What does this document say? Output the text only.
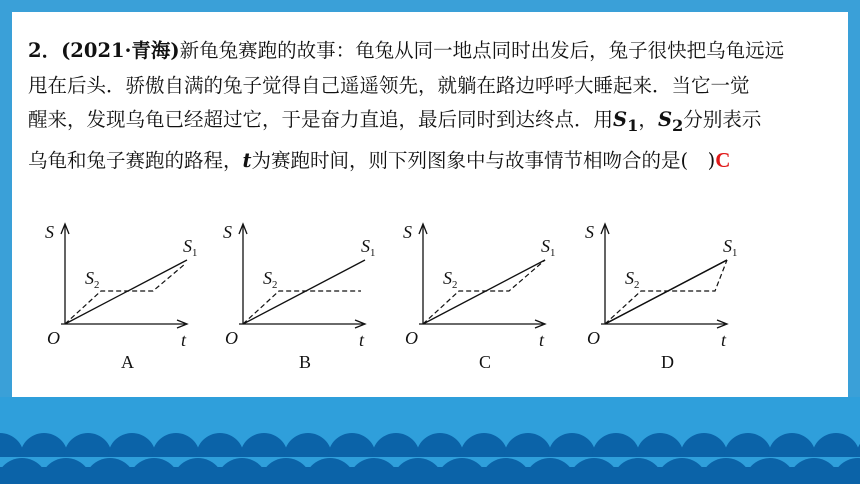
2．(2021·青海)新龟兔赛跑的故事：龟兔从同一地点同时出发后，兔子很快把乌龟远远
甩在后头．骄傲自满的兔子觉得自己遥遥领先，就躺在路边呼呼大睡起来．当它一觉
醒来，发现乌龟已经超过它，于是奋力直追，最后同时到达终点．用$S_1$，$S_2$分别表示
乌龟和兔子赛跑的路程，t为赛跑时间，则下列图象中与故事情节相吻合的是(　)C
S
t
O
$S_1$
$S_2$
A
S
t
O
$S_1$
$S_2$
B
S
t
O
$S_1$
$S_2$
C
S
t
O
$S_1$
$S_2$
D
